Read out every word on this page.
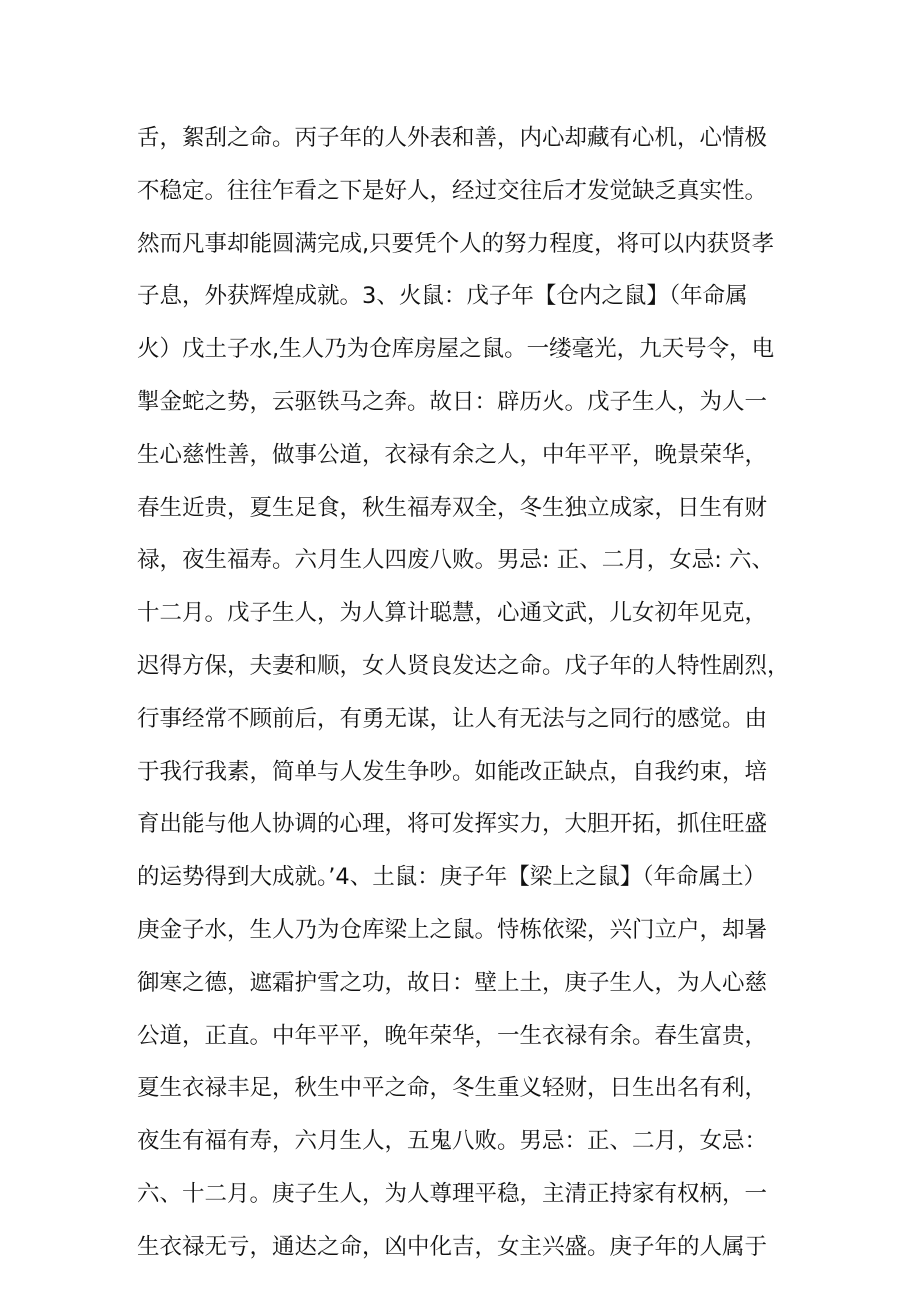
舌，絮刮之命。丙子年的人外表和善，内心却藏有心机，心情极
不稳定。往往乍看之下是好人，经过交往后才发觉缺乏真实性。
然而凡事却能圆满完成,只要凭个人的努力程度，将可以内获贤孝
子息，外获辉煌成就。3、火鼠：戊子年【仓内之鼠】（年命属
火）戊土子水,生人乃为仓库房屋之鼠。一缕毫光，九天号令，电
掣金蛇之势，云驱铁马之奔。故日：辟历火。戊子生人，为人一
生心慈性善，做事公道，衣禄有余之人，中年平平，晚景荣华，
春生近贵，夏生足食，秋生福寿双全，冬生独立成家，日生有财
禄，夜生福寿。六月生人四废八败。男忌: 正、二月，女忌: 六、
十二月。戊子生人，为人算计聪慧，心通文武，儿女初年见克，
迟得方保，夫妻和顺，女人贤良发达之命。戊子年的人特性剧烈，
行事经常不顾前后，有勇无谋，让人有无法与之同行的感觉。由
于我行我素，简单与人发生争吵。如能改正缺点，自我约束，培
育出能与他人协调的心理，将可发挥实力，大胆开拓，抓住旺盛
的运势得到大成就。’4、土鼠：庚子年【梁上之鼠】（年命属土）
庚金子水，生人乃为仓库梁上之鼠。恃栋依梁，兴门立户，却暑
御寒之德，遮霜护雪之功，故日：壁上土，庚子生人，为人心慈
公道，正直。中年平平，晚年荣华，一生衣禄有余。春生富贵，
夏生衣禄丰足，秋生中平之命，冬生重义轻财，日生出名有利，
夜生有福有寿，六月生人，五鬼八败。男忌：正、二月，女忌：
六、十二月。庚子生人，为人尊理平稳，主清正持家有权柄，一
生衣禄无亏，通达之命，凶中化吉，女主兴盛。庚子年的人属于
